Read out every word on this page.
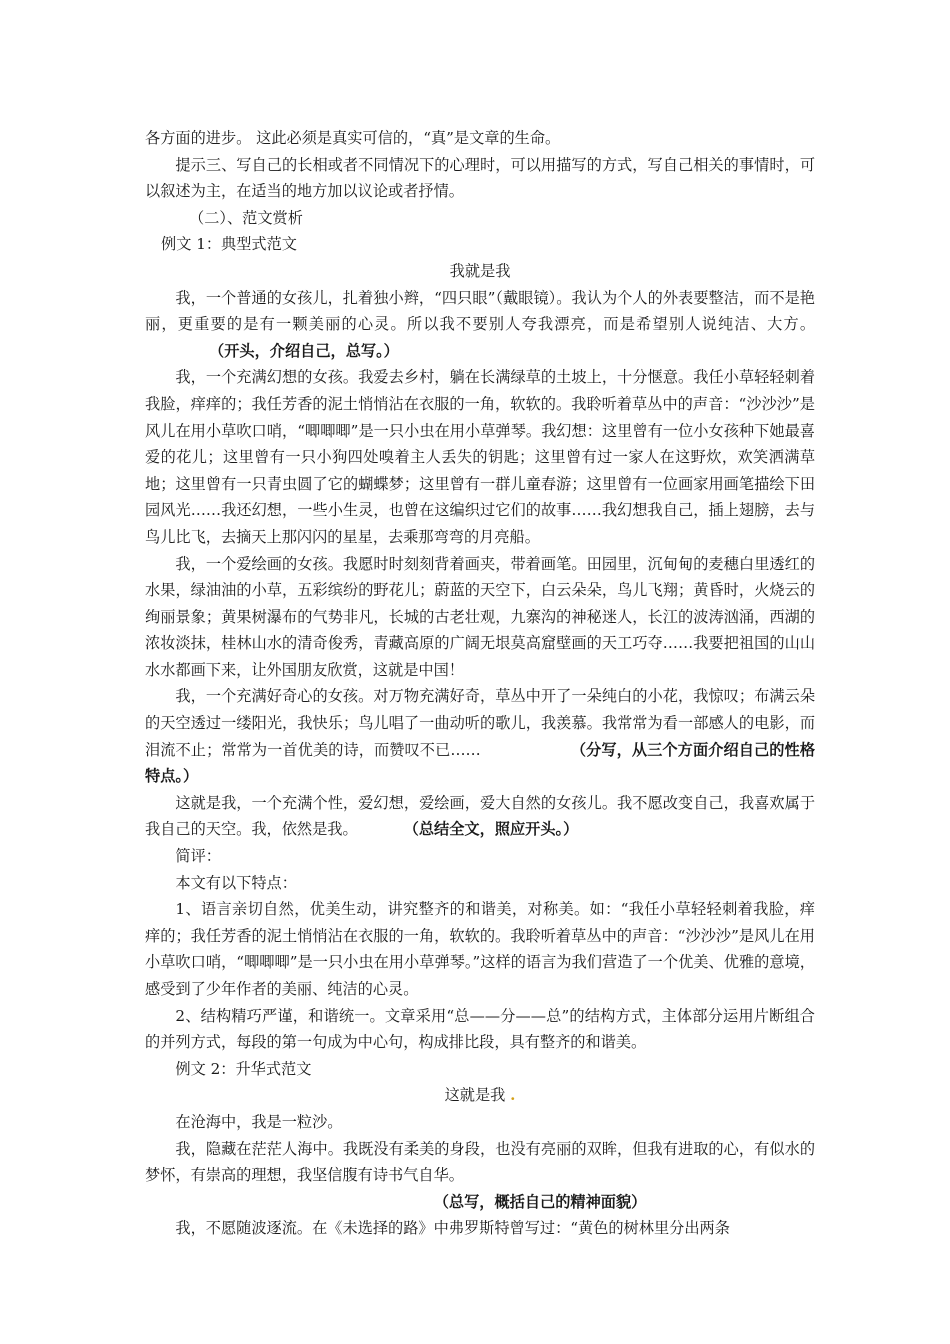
各方面的进步。 这此必须是真实可信的，“真”是文章的生命。

提示三、写自己的长相或者不同情况下的心理时，可以用描写的方式，写自己相关的事情时，可以叙述为主，在适当的地方加以议论或者抒情。

（二）、范文赏析

例文 1：典型式范文

我就是我

我，一个普通的女孩儿，扎着独小辫，“四只眼”（戴眼镜）。我认为个人的外表要整洁，而不是艳丽，更重要的是有一颗美丽的心灵。所以我不要别人夸我漂亮，而是希望别人说纯洁、大方。（开头，介绍自己，总写。）

我，一个充满幻想的女孩。我爱去乡村，躺在长满绿草的土坡上，十分惬意。我任小草轻轻刺着我脸，痒痒的；我任芳香的泥土悄悄沾在衣服的一角，软软的。我聆听着草丛中的声音：“沙沙沙”是风儿在用小草吹口哨，“唧唧唧”是一只小虫在用小草弹琴。我幻想：这里曾有一位小女孩种下她最喜爱的花儿；这里曾有一只小狗四处嗅着主人丢失的钥匙；这里曾有过一家人在这野炊，欢笑洒满草地；这里曾有一只青虫圆了它的蝴蝶梦；这里曾有一群儿童春游；这里曾有一位画家用画笔描绘下田园风光……我还幻想，一些小生灵，也曾在这编织过它们的故事……我幻想我自己，插上翅膀，去与鸟儿比飞，去摘天上那闪闪的星星，去乘那弯弯的月亮船。

我，一个爱绘画的女孩。我愿时时刻刻背着画夹，带着画笔。田园里，沉甸甸的麦穗白里透红的水果，绿油油的小草，五彩缤纷的野花儿；蔚蓝的天空下，白云朵朵，鸟儿飞翔；黄昏时，火烧云的绚丽景象；黄果树瀑布的气势非凡，长城的古老壮观，九寨沟的神秘迷人，长江的波涛汹涌，西湖的浓妆淡抹，桂林山水的清奇俊秀，青藏高原的广阔无垠莫高窟壁画的天工巧夺……我要把祖国的山山水水都画下来，让外国朋友欣赏，这就是中国！

我，一个充满好奇心的女孩。对万物充满好奇，草丛中开了一朵纯白的小花，我惊叹；布满云朵的天空透过一缕阳光，我快乐；鸟儿唱了一曲动听的歌儿，我羡慕。我常常为看一部感人的电影，而泪流不止；常常为一首优美的诗，而赞叹不已……	（分写，从三个方面介绍自己的性格特点。）

这就是我，一个充满个性，爱幻想，爱绘画，爱大自然的女孩儿。我不愿改变自己，我喜欢属于我自己的天空。我，依然是我。	（总结全文，照应开头。）

简评：

本文有以下特点：

1、语言亲切自然，优美生动，讲究整齐的和谐美，对称美。如：“我任小草轻轻刺着我脸，痒痒的；我任芳香的泥土悄悄沾在衣服的一角，软软的。我聆听着草丛中的声音：“沙沙沙”是风儿在用小草吹口哨，“唧唧唧”是一只小虫在用小草弹琴。”这样的语言为我们营造了一个优美、优雅的意境，感受到了少年作者的美丽、纯洁的心灵。

2、结构精巧严谨，和谐统一。文章采用“总——分——总”的结构方式，主体部分运用片断组合的并列方式，每段的第一句成为中心句，构成排比段，具有整齐的和谐美。

例文 2：升华式范文

这就是我 .

在沧海中，我是一粒沙。

我，隐藏在茫茫人海中。我既没有柔美的身段，也没有亮丽的双眸，但我有进取的心，有似水的梦怀，有崇高的理想，我坚信腹有诗书气自华。

（总写，概括自己的精神面貌）

我，不愿随波逐流。在《未选择的路》中弗罗斯特曾写过：“黄色的树林里分出两条
